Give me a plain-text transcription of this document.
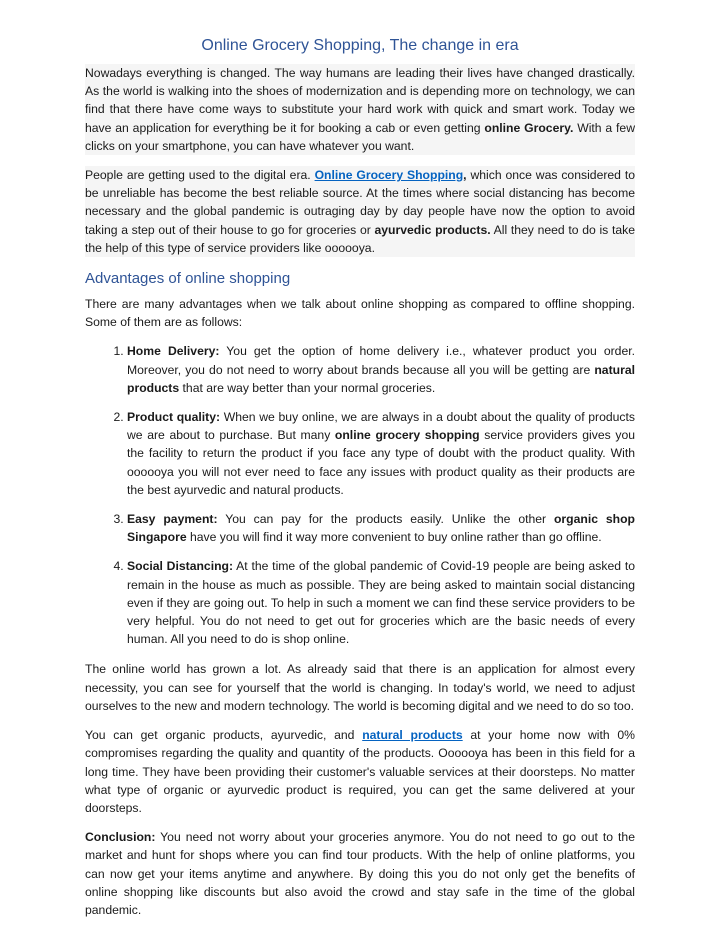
Online Grocery Shopping, The change in era

Nowadays everything is changed. The way humans are leading their lives have changed drastically. As the world is walking into the shoes of modernization and is depending more on technology, we can find that there have come ways to substitute your hard work with quick and smart work. Today we have an application for everything be it for booking a cab or even getting online Grocery. With a few clicks on your smartphone, you can have whatever you want.

People are getting used to the digital era. Online Grocery Shopping, which once was considered to be unreliable has become the best reliable source. At the times where social distancing has become necessary and the global pandemic is outraging day by day people have now the option to avoid taking a step out of their house to go for groceries or ayurvedic products. All they need to do is take the help of this type of service providers like oooooya.

Advantages of online shopping

There are many advantages when we talk about online shopping as compared to offline shopping. Some of them are as follows:

1. Home Delivery: You get the option of home delivery i.e., whatever product you order. Moreover, you do not need to worry about brands because all you will be getting are natural products that are way better than your normal groceries.
2. Product quality: When we buy online, we are always in a doubt about the quality of products we are about to purchase. But many online grocery shopping service providers gives you the facility to return the product if you face any type of doubt with the product quality. With oooooya you will not ever need to face any issues with product quality as their products are the best ayurvedic and natural products.
3. Easy payment: You can pay for the products easily. Unlike the other organic shop Singapore have you will find it way more convenient to buy online rather than go offline.
4. Social Distancing: At the time of the global pandemic of Covid-19 people are being asked to remain in the house as much as possible. They are being asked to maintain social distancing even if they are going out. To help in such a moment we can find these service providers to be very helpful. You do not need to get out for groceries which are the basic needs of every human. All you need to do is shop online.

The online world has grown a lot. As already said that there is an application for almost every necessity, you can see for yourself that the world is changing. In today's world, we need to adjust ourselves to the new and modern technology. The world is becoming digital and we need to do so too.

You can get organic products, ayurvedic, and natural products at your home now with 0% compromises regarding the quality and quantity of the products. Oooooya has been in this field for a long time. They have been providing their customer's valuable services at their doorsteps. No matter what type of organic or ayurvedic product is required, you can get the same delivered at your doorsteps.

Conclusion: You need not worry about your groceries anymore. You do not need to go out to the market and hunt for shops where you can find tour products. With the help of online platforms, you can now get your items anytime and anywhere. By doing this you do not only get the benefits of online shopping like discounts but also avoid the crowd and stay safe in the time of the global pandemic.
